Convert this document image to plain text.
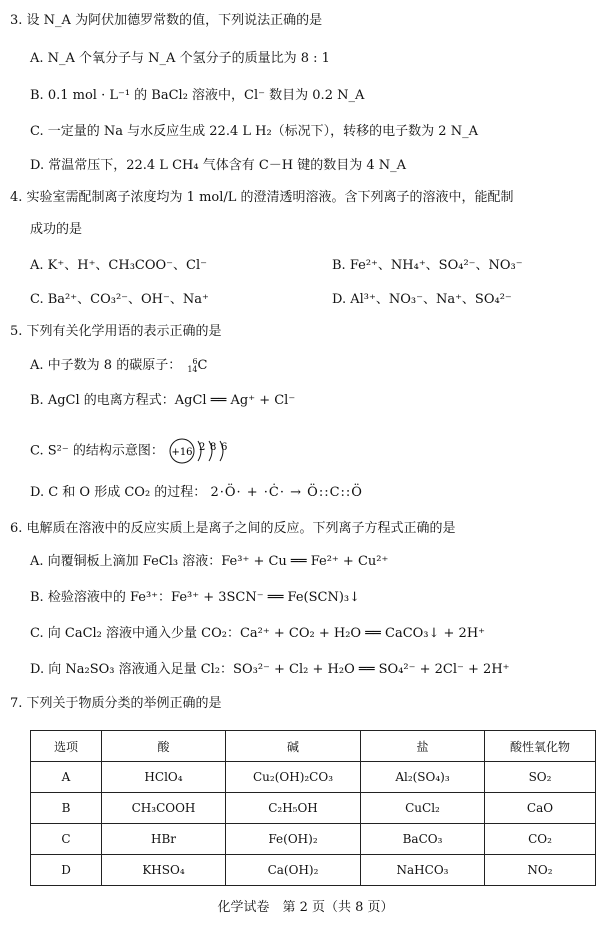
3. 设 N_A 为阿伏加德罗常数的值，下列说法正确的是
A. N_A 个氧分子与 N_A 个氢分子的质量比为 8 : 1
B. 0.1 mol · L⁻¹ 的 BaCl₂ 溶液中，Cl⁻ 数目为 0.2 N_A
C. 一定量的 Na 与水反应生成 22.4 L H₂（标况下），转移的电子数为 2 N_A
D. 常温常压下，22.4 L CH₄ 气体含有 C－H 键的数目为 4 N_A
4. 实验室需配制离子浓度均为 1 mol/L 的澄清透明溶液。含下列离子的溶液中，能配制
成功的是
A. K⁺、H⁺、CH₃COO⁻、Cl⁻	B. Fe²⁺、NH₄⁺、SO₄²⁻、NO₃⁻
C. Ba²⁺、CO₃²⁻、OH⁻、Na⁺	D. Al³⁺、NO₃⁻、Na⁺、SO₄²⁻
5. 下列有关化学用语的表示正确的是
A. 中子数为 8 的碳原子： 6
14C
B. AgCl 的电离方程式：AgCl ══ Ag⁺ + Cl⁻
C. S²⁻ 的结构示意图： +16 2 8 6
D. C 和 O 形成 CO₂ 的过程： 2·Ö· + ·Ċ· → Ö::C::Ö
6. 电解质在溶液中的反应实质上是离子之间的反应。下列离子方程式正确的是
A. 向覆铜板上滴加 FeCl₃ 溶液：Fe³⁺ + Cu ══ Fe²⁺ + Cu²⁺
B. 检验溶液中的 Fe³⁺：Fe³⁺ + 3SCN⁻ ══ Fe(SCN)₃↓
C. 向 CaCl₂ 溶液中通入少量 CO₂：Ca²⁺ + CO₂ + H₂O ══ CaCO₃↓ + 2H⁺
D. 向 Na₂SO₃ 溶液通入足量 Cl₂：SO₃²⁻ + Cl₂ + H₂O ══ SO₄²⁻ + 2Cl⁻ + 2H⁺
7. 下列关于物质分类的举例正确的是
选项	酸	碱	盐	酸性氧化物
A	HClO₄	Cu₂(OH)₂CO₃	Al₂(SO₄)₃	SO₂
B	CH₃COOH	C₂H₅OH	CuCl₂	CaO
C	HBr	Fe(OH)₂	BaCO₃	CO₂
D	KHSO₄	Ca(OH)₂	NaHCO₃	NO₂
化学试卷　第 2 页（共 8 页）
